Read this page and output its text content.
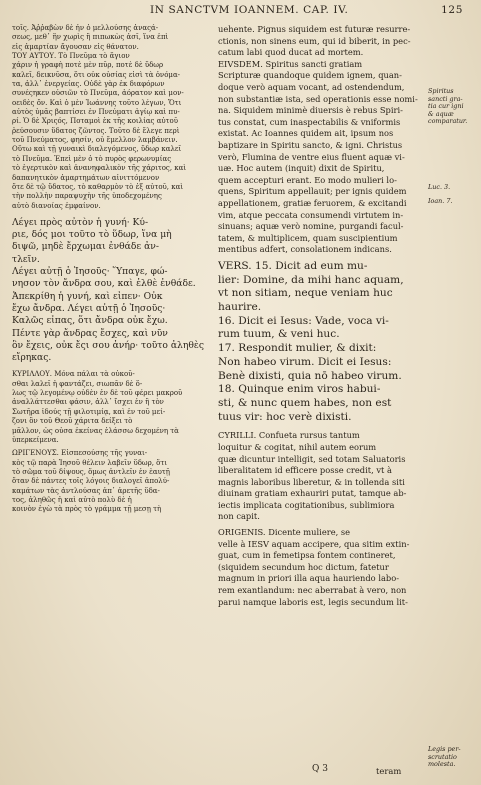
IN SANCTVM IOANNEM. CAP. IV.	125
τοῖς. Ἀῤῥαβὼν δὲ ἦν ὁ μελλούσης ἀναςά-
σεως, μεθ᾽ ἣν χωρὶς ἢ πιπωκὼς ἀσῖ, ἵνα ἐπὶ
εἰς ἁμαρτίαν ἄγουσαν εἰς θάνατον.
ΤΟΥ ΑΥΤΟΥ. Τὸ Πνεῦμα τὸ ἅγιον
χάριν ἡ γραφὴ ποτὲ μὲν πῦρ, ποτὲ δὲ ὕδωρ
καλεῖ, δεικνῦσα, ὅτι οὐκ οὐσίας εἰσὶ τὰ ὀνόμα-
τα, ἀλλ᾽ ἐνεργείας. Οὐδὲ γὰρ ἐκ διαφόρων
συνέςηκεν οὐσιῶν τὸ Πνεῦμα, ἀόρατον καὶ μον-
οειδὲς ὄν. Καὶ ὁ μὲν Ἰωάννης τοῦτο λέγων, Ὅτι
αὐτὸς ὑμᾶς βαπτίσει ἐν Πνεύματι ἁγίῳ καὶ πυ-
ρί. Ὁ δὲ Χριςός, Ποταμοὶ ἐκ τῆς κοιλίας αὐτοῦ
ῥεύσουσιν ὕδατος ζῶντος. Τοῦτο δὲ ἔλεγε περὶ
τοῦ Πνεύματος, φησίν, οὗ ἔμελλον λαμβάνειν.
Οὕτω καὶ τῇ γυναικὶ διαλεγόμενος, ὕδωρ καλεῖ
τὸ Πνεῦμα. Ἐπεὶ μὲν ὁ τὸ πυρὸς φερωνυμίας
τὸ ἐγερτικὸν καὶ ἀνανηφαλικὸν τῆς χάριτος, καὶ
δαπανητικὸν ἁμαρτημάτων αἰνιττόμενον
ὅτε δὲ τῷ ὕδατος, τὸ καθαρμὸν τὸ ἐξ αὐτοῦ, καὶ
τὴν πολλὴν παραψυχὴν τῆς ὑποδεχομένης
αὐτὸ διανοίας ἐμφαίνον.
Λέγει πρὸς αὐτὸν ἡ γυνή· Κύ-
ριε, δός μοι τοῦτο τὸ ὕδωρ, ἵνα μὴ
διψῶ, μηδὲ ἔρχωμαι ἐνθάδε ἀν-
τλεῖν.
Λέγει αὐτῇ ὁ Ἰησοῦς· Ὕπαγε, φώ-
νησον τὸν ἄνδρα σου, καὶ ἐλθὲ ἐνθάδε.
Ἀπεκρίθη ἡ γυνή, καὶ εἶπεν· Οὐκ
ἔχω ἄνδρα. Λέγει αὐτῇ ὁ Ἰησοῦς·
Καλῶς εἶπας, ὅτι ἄνδρα οὐκ ἔχω.
Πέντε γὰρ ἄνδρας ἔσχες, καὶ νῦν
ὃν ἔχεις, οὐκ ἔςι σου ἀνήρ· τοῦτο ἀληθὲς
εἴρηκας.
ΚΥΡΙΛΛΟΥ. Μόνα πάλαι τὰ οὐκοῦ-
σθαι λαλεῖ ἡ φαντάζει, σιωπᾶν δὲ ὅ-
λως τῷ λεγομένῳ οὐδὲν ἐν δὲ τοῦ φέρει μακροῦ
ἀναλλάττεσθαι φάσιν, ἀλλ᾽ ἴσχει ἐν ἣ τὸν
Σωτῆρα ἰδούς τῇ φιλοτιμίᾳ, καὶ ἐν τοῦ μεί-
ζονι ὃν τοῦ Θεοῦ χάριτα δείξει τὸ
μᾶλλον, ὡς οὐσα ἐκείνας ἐλάσσω δεχομένη τὰ
ὑπερκείμενα.
ΩΡΙΓΕΝΟΥΣ. Εἰσπεσούσης τῆς γυναι-
κὸς τῷ παρὰ Ἰησοῦ θέλειν λαβεῖν ὕδωρ, ὅτι
τὸ σῶμα τοῦ δίψους, ὅμως ἀντλεῖν ἐν ἑαυτῇ
ὅταν δὲ πάντες τοῖς λόγοις διαλογεῖ ἀπολύ-
καμάτων τὰς ἀντλούσας ἀπ᾽ ἀρετῆς ὕδα-
τος, ἀληθῶς ἡ καὶ αὐτὸ πολὺ δὲ ἡ
κοινὸν ἐγὼ τὰ πρὸς τὸ γράμμα τῇ μεσῃ τὴ
uehente. Pignus siquidem est futuræ resurre-
ctionis, non sinens eum, qui id biberit, in pec-
catum labi quod ducat ad mortem.
EIVSDEM. Spiritus sancti gratiam
Scripturæ quandoque quidem ignem, quan-
doque verò aquam vocant, ad ostendendum,
non substantiæ ista, sed operationis esse nomi-
na. Siquidem minimè diuersis è rebus Spiri-
tus constat, cum inaspectabilis & vniformis
existat. Ac Ioannes quidem ait, ipsum nos
baptizare in Spiritu sancto, & igni. Christus
verò, Flumina de ventre eius fluent aquæ vi-
uæ. Hoc autem (inquit) dixit de Spiritu,
quem accepturi erant. Eo modo mulieri lo-
quens, Spiritum appellauit; per ignis quidem
appellationem, gratiæ feruorem, & excitandi
vim, atque peccata consumendi virtutem in-
sinuans; aquæ verò nomine, purgandi facul-
tatem, & multiplicem, quam suscipientium
mentibus adfert, consolationem indicans.
VERS. 15. Dicit ad eum mu-
lier: Domine, da mihi hanc aquam,
vt non sitiam, neque veniam huc
haurire.
16. Dicit ei Iesus: Vade, voca vi-
rum tuum, & veni huc.
17. Respondit mulier, & dixit:
Non habeo virum. Dicit ei Iesus:
Benè dixisti, quia nō habeo virum.
18. Quinque enim viros habui-
sti, & nunc quem habes, non est
tuus vir: hoc verè dixisti.
CYRILLI. Confueta rursus tantum
loquitur & cogitat, nihil autem eorum
quæ dicuntur intelligit, sed totam Saluatoris
liberalitatem id efficere posse credit, vt à
magnis laboribus liberetur, & in tollenda siti
diuinam gratiam exhauriri putat, tamque ab-
iectis implicata cogitationibus, sublimiora
non capit.
ORIGENIS. Dicente muliere, se
velle à IESV aquam accipere, qua sitim extin-
guat, cum in femetipsa fontem contineret,
(siquidem secundum hoc dictum, fatetur
magnum in priori illa aqua hauriendo labo-
rem exantlandum: nec aberrabat à vero, non
parui namque laboris est, legis secundum lit-
Spiritus
sancti gra-
tia cur igni
& aquæ
comparatur.
Luc. 3.
Ioan. 7.
Legis per-
scrutatio
molesta.
Q 3	teram
